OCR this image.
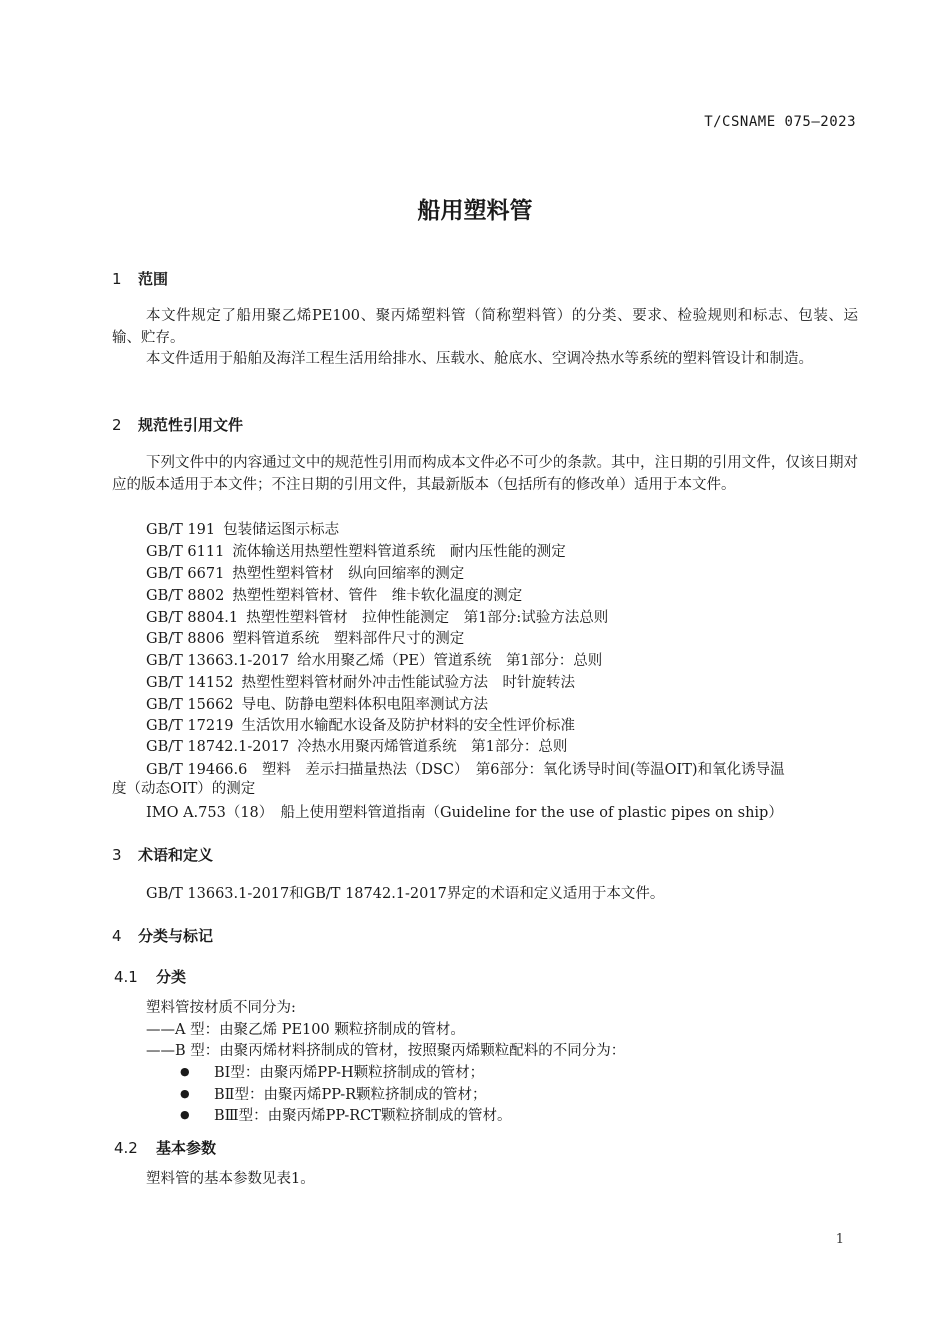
T/CSNAME 075—2023
船用塑料管
1 范围
本文件规定了船用聚乙烯PE100、聚丙烯塑料管（简称塑料管）的分类、要求、检验规则和标志、包装、运输、贮存。
本文件适用于船舶及海洋工程生活用给排水、压载水、舱底水、空调冷热水等系统的塑料管设计和制造。
2 规范性引用文件
下列文件中的内容通过文中的规范性引用而构成本文件必不可少的条款。其中，注日期的引用文件，仅该日期对应的版本适用于本文件；不注日期的引用文件，其最新版本（包括所有的修改单）适用于本文件。
GB/T 191 包装储运图示标志
GB/T 6111 流体输送用热塑性塑料管道系统　耐内压性能的测定
GB/T 6671 热塑性塑料管材　纵向回缩率的测定
GB/T 8802 热塑性塑料管材、管件　维卡软化温度的测定
GB/T 8804.1 热塑性塑料管材　拉伸性能测定　第1部分:试验方法总则
GB/T 8806 塑料管道系统　塑料部件尺寸的测定
GB/T 13663.1-2017 给水用聚乙烯（PE）管道系统　第1部分：总则
GB/T 14152 热塑性塑料管材耐外冲击性能试验方法　时针旋转法
GB/T 15662 导电、防静电塑料体积电阻率测试方法
GB/T 17219 生活饮用水输配水设备及防护材料的安全性评价标准
GB/T 18742.1-2017 冷热水用聚丙烯管道系统　第1部分：总则
GB/T 19466.6　塑料　差示扫描量热法（DSC）　第6部分：氧化诱导时间(等温OIT)和氧化诱导温
度（动态OIT）的测定
IMO A.753（18）　船上使用塑料管道指南（Guideline for the use of plastic pipes on ship）
3 术语和定义
GB/T 13663.1-2017和GB/T 18742.1-2017界定的术语和定义适用于本文件。
4 分类与标记
4.1 分类
塑料管按材质不同分为:
——A 型：由聚乙烯 PE100 颗粒挤制成的管材。
——B 型：由聚丙烯材料挤制成的管材，按照聚丙烯颗粒配料的不同分为：
● BⅠ型：由聚丙烯PP-H颗粒挤制成的管材；
● BⅡ型：由聚丙烯PP-R颗粒挤制成的管材；
● BⅢ型：由聚丙烯PP-RCT颗粒挤制成的管材。
4.2 基本参数
塑料管的基本参数见表1。
1
